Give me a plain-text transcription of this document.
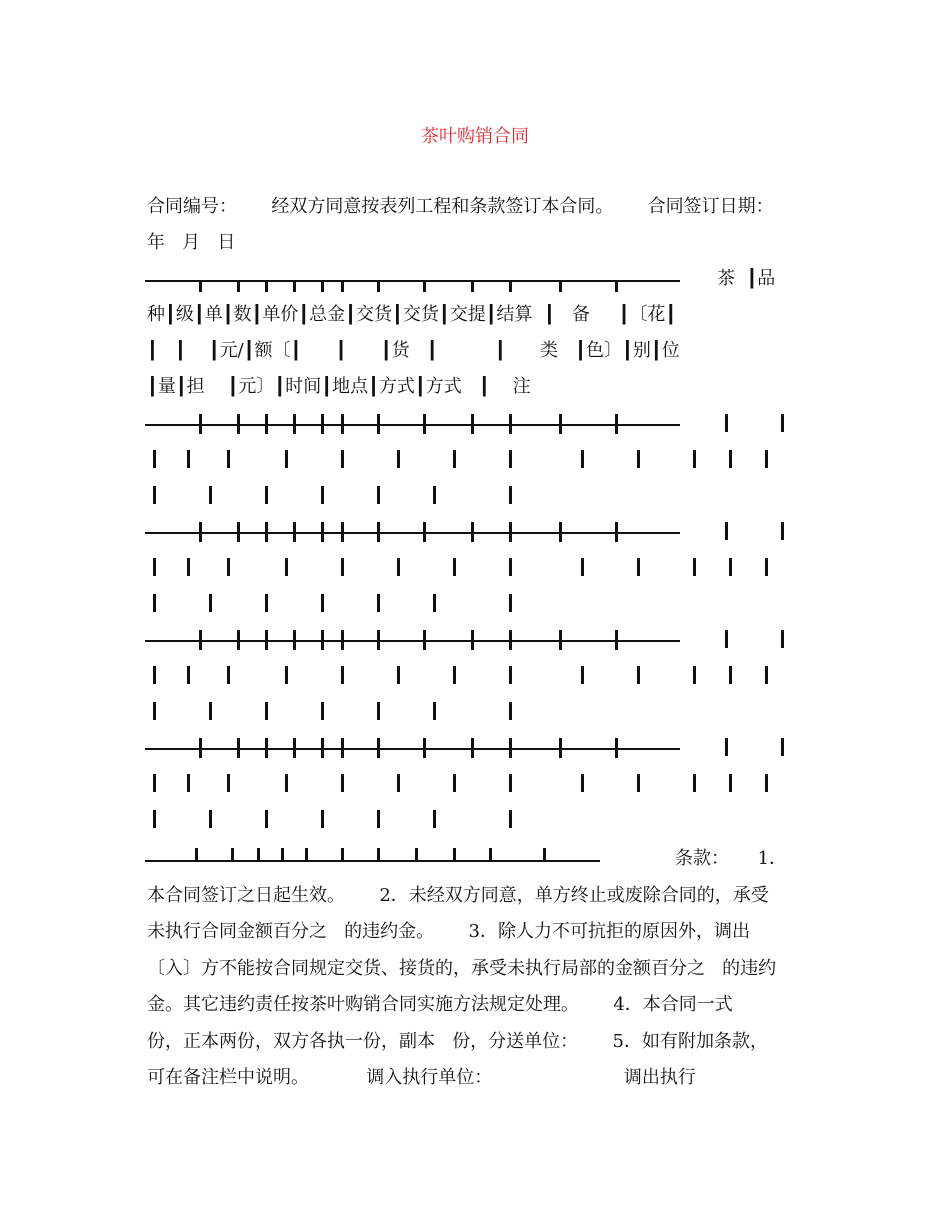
茶叶购销合同
合同编号：      经双方同意按表列工程和条款签订本合同。      合同签订日期：
年   月   日
茶  ┃品
种┃级┃单┃数┃单价┃总金┃交货┃交货┃交提┃结算  ┃   备     ┃〔花┃
┃   ┃    ┃元/┃额〔┃      ┃      ┃货   ┃          ┃      类   ┃色〕┃别┃位
┃量┃担    ┃元〕┃时间┃地点┃方式┃方式   ┃    注
条款：     1．
本合同签订之日起生效。      2．未经双方同意，单方终止或废除合同的，承受
未执行合同金额百分之   的违约金。      3．除人力不可抗拒的原因外，调出
〔入〕方不能按合同规定交货、接货的，承受未执行局部的金额百分之   的违约
金。其它违约责任按茶叶购销合同实施方法规定处理。      4．本合同一式
份，正本两份，双方各执一份，副本   份，分送单位：      5．如有附加条款，
可在备注栏中说明。          调入执行单位：                       调出执行
